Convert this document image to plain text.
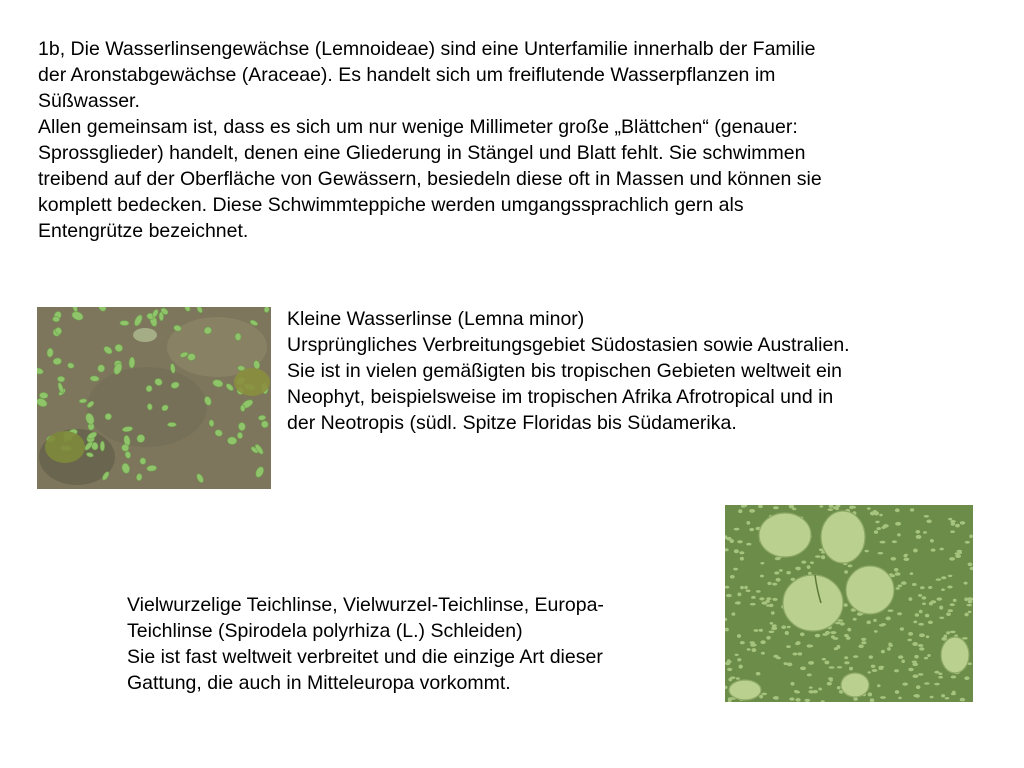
1b, Die Wasserlinsengewächse (Lemnoideae) sind eine Unterfamilie innerhalb der Familie
der Aronstabgewächse (Araceae). Es handelt sich um freiflutende Wasserpflanzen im
Süßwasser.
Allen gemeinsam ist, dass es sich um nur wenige Millimeter große „Blättchen“ (genauer:
Sprossglieder) handelt, denen eine Gliederung in Stängel und Blatt fehlt. Sie schwimmen
treibend auf der Oberfläche von Gewässern, besiedeln diese oft in Massen und können sie
komplett bedecken. Diese Schwimmteppiche werden umgangssprachlich gern als
Entengrütze bezeichnet.
Kleine Wasserlinse (Lemna minor)
Ursprüngliches Verbreitungsgebiet Südostasien sowie Australien.
Sie ist in vielen gemäßigten bis tropischen Gebieten weltweit ein
Neophyt, beispielsweise im tropischen Afrika Afrotropical und in
der Neotropis (südl. Spitze Floridas bis Südamerika.
Vielwurzelige Teichlinse, Vielwurzel-Teichlinse, Europa-
Teichlinse (Spirodela polyrhiza (L.) Schleiden)
Sie ist fast weltweit verbreitet und die einzige Art dieser
Gattung, die auch in Mitteleuropa vorkommt.
